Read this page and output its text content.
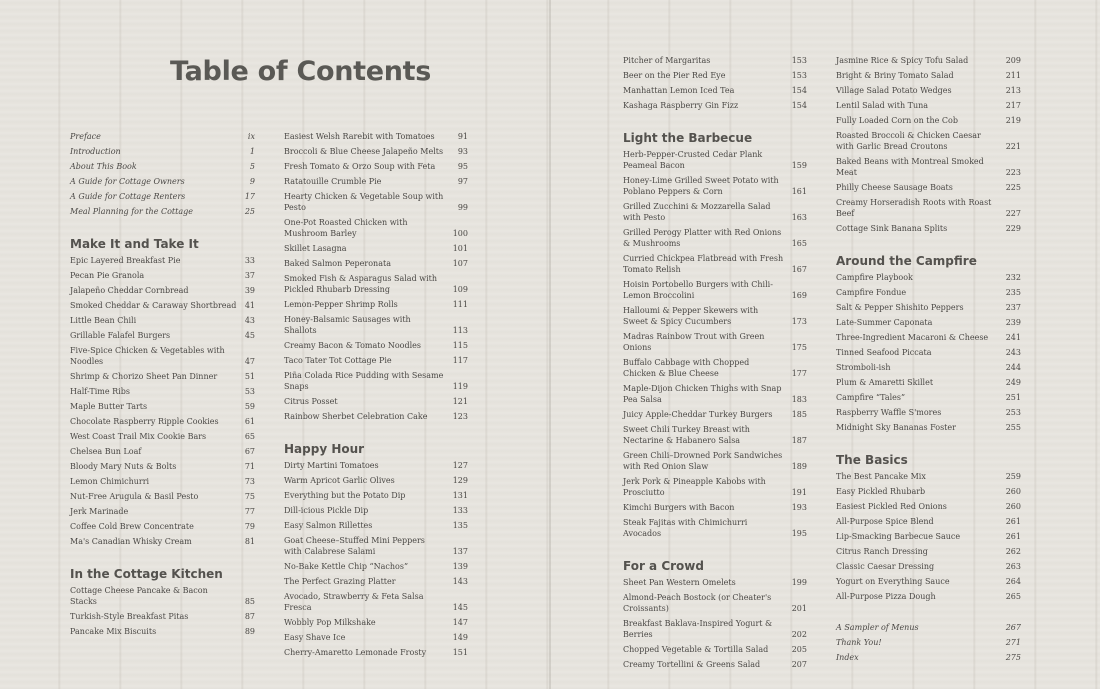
Table of Contents
Preface	ix
Introduction	1
About This Book	5
A Guide for Cottage Owners	9
A Guide for Cottage Renters	17
Meal Planning for the Cottage	25
Make It and Take It
Epic Layered Breakfast Pie	33
Pecan Pie Granola	37
Jalapeño Cheddar Cornbread	39
Smoked Cheddar & Caraway Shortbread	41
Little Bean Chili	43
Grillable Falafel Burgers	45
Five-Spice Chicken & Vegetables with Noodles	47
Shrimp & Chorizo Sheet Pan Dinner	51
Half-Time Ribs	53
Maple Butter Tarts	59
Chocolate Raspberry Ripple Cookies	61
West Coast Trail Mix Cookie Bars	65
Chelsea Bun Loaf	67
Bloody Mary Nuts & Bolts	71
Lemon Chimichurri	73
Nut-Free Arugula & Basil Pesto	75
Jerk Marinade	77
Coffee Cold Brew Concentrate	79
Ma's Canadian Whisky Cream	81
In the Cottage Kitchen
Cottage Cheese Pancake & Bacon Stacks	85
Turkish-Style Breakfast Pitas	87
Pancake Mix Biscuits	89
Easiest Welsh Rarebit with Tomatoes	91
Broccoli & Blue Cheese Jalapeño Melts	93
Fresh Tomato & Orzo Soup with Feta	95
Ratatouille Crumble Pie	97
Hearty Chicken & Vegetable Soup with Pesto	99
One-Pot Roasted Chicken with Mushroom Barley	100
Skillet Lasagna	101
Baked Salmon Peperonata	107
Smoked Fish & Asparagus Salad with Pickled Rhubarb Dressing	109
Lemon-Pepper Shrimp Rolls	111
Honey-Balsamic Sausages with Shallots	113
Creamy Bacon & Tomato Noodles	115
Taco Tater Tot Cottage Pie	117
Piña Colada Rice Pudding with Sesame Snaps	119
Citrus Posset	121
Rainbow Sherbet Celebration Cake	123
Happy Hour
Dirty Martini Tomatoes	127
Warm Apricot Garlic Olives	129
Everything but the Potato Dip	131
Dill-icious Pickle Dip	133
Easy Salmon Rillettes	135
Goat Cheese–Stuffed Mini Peppers with Calabrese Salami	137
No-Bake Kettle Chip “Nachos”	139
The Perfect Grazing Platter	143
Avocado, Strawberry & Feta Salsa Fresca	145
Wobbly Pop Milkshake	147
Easy Shave Ice	149
Cherry-Amaretto Lemonade Frosty	151
Pitcher of Margaritas	153
Beer on the Pier Red Eye	153
Manhattan Lemon Iced Tea	154
Kashaga Raspberry Gin Fizz	154
Light the Barbecue
Herb-Pepper-Crusted Cedar Plank Peameal Bacon	159
Honey-Lime Grilled Sweet Potato with Poblano Peppers & Corn	161
Grilled Zucchini & Mozzarella Salad with Pesto	163
Grilled Perogy Platter with Red Onions & Mushrooms	165
Curried Chickpea Flatbread with Fresh Tomato Relish	167
Hoisin Portobello Burgers with Chili-Lemon Broccolini	169
Halloumi & Pepper Skewers with Sweet & Spicy Cucumbers	173
Madras Rainbow Trout with Green Onions	175
Buffalo Cabbage with Chopped Chicken & Blue Cheese	177
Maple-Dijon Chicken Thighs with Snap Pea Salsa	183
Juicy Apple-Cheddar Turkey Burgers	185
Sweet Chili Turkey Breast with Nectarine & Habanero Salsa	187
Green Chili–Drowned Pork Sandwiches with Red Onion Slaw	189
Jerk Pork & Pineapple Kabobs with Prosciutto	191
Kimchi Burgers with Bacon	193
Steak Fajitas with Chimichurri Avocados	195
For a Crowd
Sheet Pan Western Omelets	199
Almond-Peach Bostock (or Cheater's Croissants)	201
Breakfast Baklava-Inspired Yogurt & Berries	202
Chopped Vegetable & Tortilla Salad	205
Creamy Tortellini & Greens Salad	207
Jasmine Rice & Spicy Tofu Salad	209
Bright & Briny Tomato Salad	211
Village Salad Potato Wedges	213
Lentil Salad with Tuna	217
Fully Loaded Corn on the Cob	219
Roasted Broccoli & Chicken Caesar with Garlic Bread Croutons	221
Baked Beans with Montreal Smoked Meat	223
Philly Cheese Sausage Boats	225
Creamy Horseradish Roots with Roast Beef	227
Cottage Sink Banana Splits	229
Around the Campfire
Campfire Playbook	232
Campfire Fondue	235
Salt & Pepper Shishito Peppers	237
Late-Summer Caponata	239
Three-Ingredient Macaroni & Cheese	241
Tinned Seafood Piccata	243
Stromboli-ish	244
Plum & Amaretti Skillet	249
Campfire “Tales”	251
Raspberry Waffle S'mores	253
Midnight Sky Bananas Foster	255
The Basics
The Best Pancake Mix	259
Easy Pickled Rhubarb	260
Easiest Pickled Red Onions	260
All-Purpose Spice Blend	261
Lip-Smacking Barbecue Sauce	261
Citrus Ranch Dressing	262
Classic Caesar Dressing	263
Yogurt on Everything Sauce	264
All-Purpose Pizza Dough	265
A Sampler of Menus	267
Thank You!	271
Index	275
